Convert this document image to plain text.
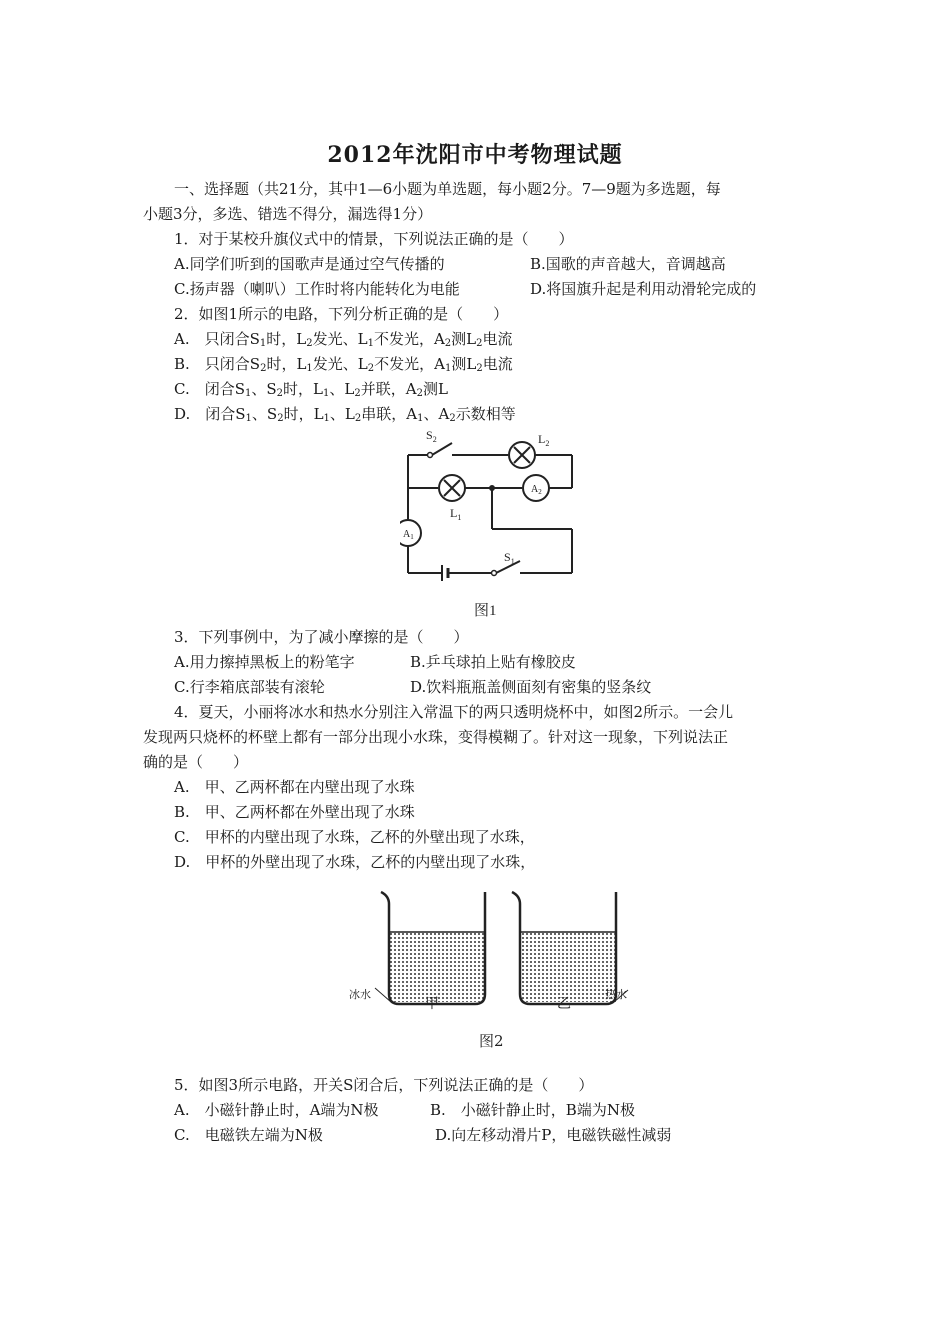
2012年沈阳市中考物理试题
一、选择题（共21分，其中1—6小题为单选题，每小题2分。7—9题为多选题，每
小题3分，多选、错选不得分，漏选得1分）
1．对于某校升旗仪式中的情景，下列说法正确的是（　　）
A.同学们听到的国歌声是通过空气传播的	B.国歌的声音越大，音调越高
C.扬声器（喇叭）工作时将内能转化为电能	D.将国旗升起是利用动滑轮完成的
2．如图1所示的电路，下列分析正确的是（　　）
A.　只闭合$S_1$时，$L_2$发光、$L_1$不发光，$A_2$测$L_2$电流
B.　只闭合$S_2$时，$L_1$发光、$L_2$不发光，$A_1$测$L_2$电流
C.　闭合$S_1$、$S_2$时，$L_1$、$L_2$并联，$A_2$测L
D.　闭合$S_1$、$S_2$时，$L_1$、$L_2$串联，$A_1$、$A_2$示数相等
$S_2$	$L_2$
$L_1$
$A_1$
$A_2$
$S_1$
图1
3．下列事例中，为了减小摩擦的是（　　）
A.用力擦掉黑板上的粉笔字	B.乒乓球拍上贴有橡胶皮
C.行李箱底部装有滚轮	D.饮料瓶瓶盖侧面刻有密集的竖条纹
4．夏天，小丽将冰水和热水分别注入常温下的两只透明烧杯中，如图2所示。一会儿
发现两只烧杯的杯壁上都有一部分出现小水珠，变得模糊了。针对这一现象，下列说法正
确的是（　　）
A.　甲、乙两杯都在内壁出现了水珠
B.　甲、乙两杯都在外壁出现了水珠
C.　甲杯的内壁出现了水珠，乙杯的外壁出现了水珠，
D.　甲杯的外壁出现了水珠，乙杯的内壁出现了水珠，
冰水
甲	乙
热水
图2
5．如图3所示电路，开关S闭合后，下列说法正确的是（　　）
A.　小磁针静止时，A端为N极	B.　小磁针静止时，B端为N极
C.　电磁铁左端为N极	D.向左移动滑片P，电磁铁磁性减弱
